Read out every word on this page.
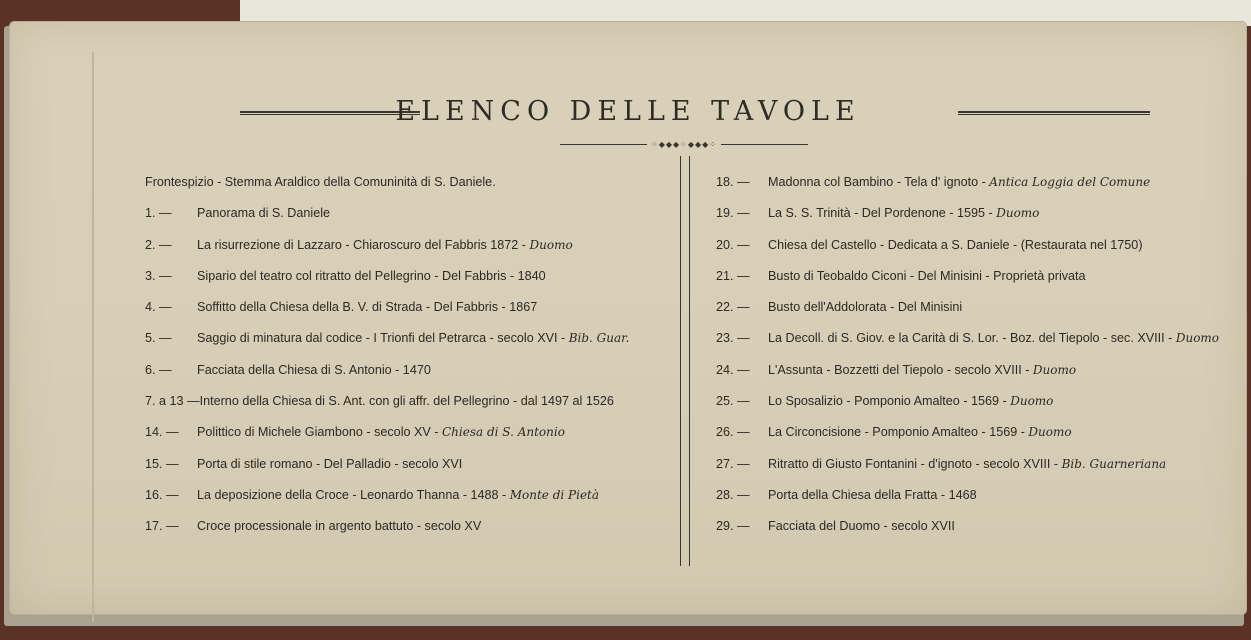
ELENCO DELLE TAVOLE
⁘◆◆◆⁘◆◆◆⁘
Frontespizio - Stemma Araldico della Comuninità di S. Daniele.
1. — Panorama di S. Daniele
2. — La risurrezione di Lazzaro - Chiaroscuro del Fabbris 1872 - Duomo
3. — Sipario del teatro col ritratto del Pellegrino - Del Fabbris - 1840
4. — Soffitto della Chiesa della B. V. di Strada - Del Fabbris - 1867
5. — Saggio di minatura dal codice - I Trionfi del Petrarca - secolo XVI - Bib. Guar.
6. — Facciata della Chiesa di S. Antonio - 1470
7. a 13 —Interno della Chiesa di S. Ant. con gli affr. del Pellegrino - dal 1497 al 1526
14. — Polittico di Michele Giambono - secolo XV - Chiesa di S. Antonio
15. — Porta di stile romano - Del Palladio - secolo XVI
16. — La deposizione della Croce - Leonardo Thanna - 1488 - Monte di Pietà
17. — Croce processionale in argento battuto - secolo XV
18. — Madonna col Bambino - Tela d' ignoto - Antica Loggia del Comune
19. — La S. S. Trinità - Del Pordenone - 1595 - Duomo
20. — Chiesa del Castello - Dedicata a S. Daniele - (Restaurata nel 1750)
21. — Busto di Teobaldo Ciconi - Del Minisini - Proprietà privata
22. — Busto dell'Addolorata - Del Minisini
23. — La Decoll. di S. Giov. e la Carità di S. Lor. - Boz. del Tiepolo - sec. XVIII - Duomo
24. — L'Assunta - Bozzetti del Tiepolo - secolo XVIII - Duomo
25. — Lo Sposalizio - Pomponio Amalteo - 1569 - Duomo
26. — La Circoncisione - Pomponio Amalteo - 1569 - Duomo
27. — Ritratto di Giusto Fontanini - d'ignoto - secolo XVIII - Bib. Guarneriana
28. — Porta della Chiesa della Fratta - 1468
29. — Facciata del Duomo - secolo XVII
